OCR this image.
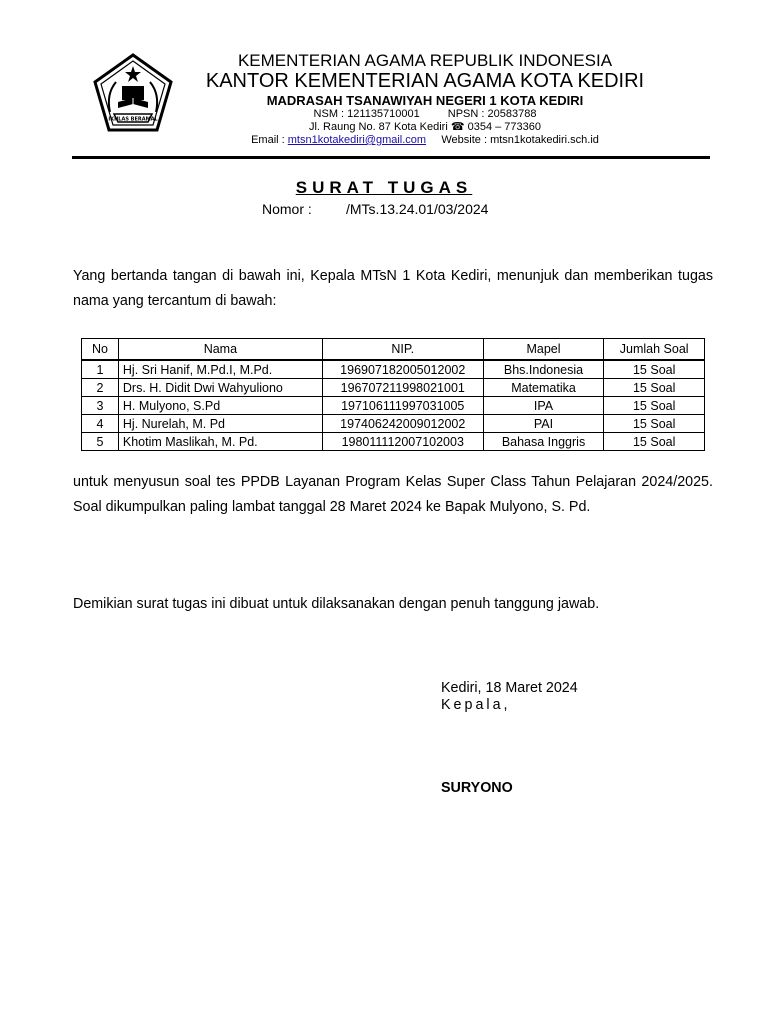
IKHLAS BERAMAL
KEMENTERIAN AGAMA REPUBLIK INDONESIA
KANTOR KEMENTERIAN AGAMA KOTA KEDIRI
MADRASAH TSANAWIYAH NEGERI 1 KOTA KEDIRI
NSM : 121135710001	NPSN : 20583788
Jl. Raung No. 87 Kota Kediri ☎ 0354 – 773360
Email : mtsn1kotakediri@gmail.com Website : mtsn1kotakediri.sch.id
SURAT TUGAS
Nomor : /MTs.13.24.01/03/2024
Yang bertanda tangan di bawah ini, Kepala MTsN 1 Kota Kediri, menunjuk dan memberikan tugas nama yang tercantum di bawah:
No	Nama	NIP.	Mapel	Jumlah Soal
1	Hj. Sri Hanif, M.Pd.I, M.Pd.	196907182005012002	Bhs.Indonesia	15 Soal
2	Drs. H. Didit Dwi Wahyuliono	196707211998021001	Matematika	15 Soal
3	H. Mulyono, S.Pd	197106111997031005	IPA	15 Soal
4	Hj. Nurelah, M. Pd	197406242009012002	PAI	15 Soal
5	Khotim Maslikah, M. Pd.	198011112007102003	Bahasa Inggris	15 Soal
untuk menyusun soal tes PPDB Layanan Program Kelas Super Class Tahun Pelajaran 2024/2025. Soal dikumpulkan paling lambat tanggal 28 Maret 2024 ke Bapak Mulyono, S. Pd.
Demikian surat tugas ini dibuat untuk dilaksanakan dengan penuh tanggung jawab.
Kediri, 18 Maret 2024
Kepala,
SURYONO
